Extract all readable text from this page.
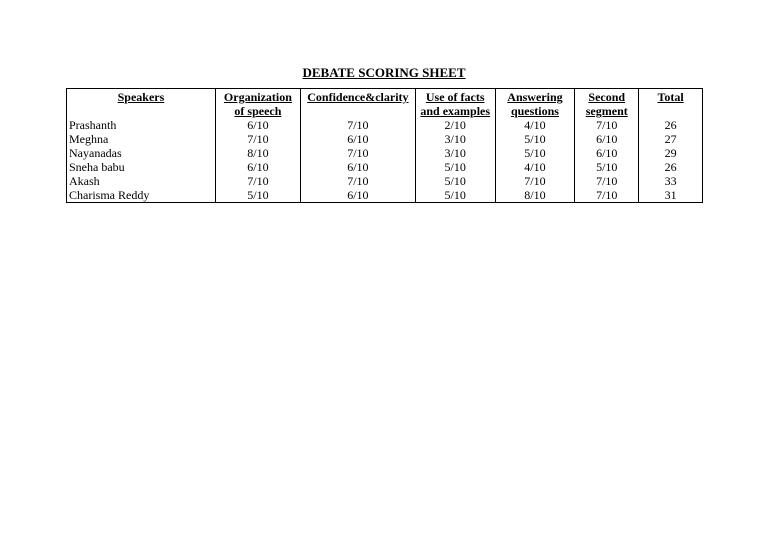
DEBATE SCORING SHEET
Speakers	Organization of speech	Confidence&clarity	Use of facts and examples	Answering questions	Second segment	Total
Prashanth	6/10	7/10	2/10	4/10	7/10	26
Meghna	7/10	6/10	3/10	5/10	6/10	27
Nayanadas	8/10	7/10	3/10	5/10	6/10	29
Sneha babu	6/10	6/10	5/10	4/10	5/10	26
Akash	7/10	7/10	5/10	7/10	7/10	33
Charisma Reddy	5/10	6/10	5/10	8/10	7/10	31
